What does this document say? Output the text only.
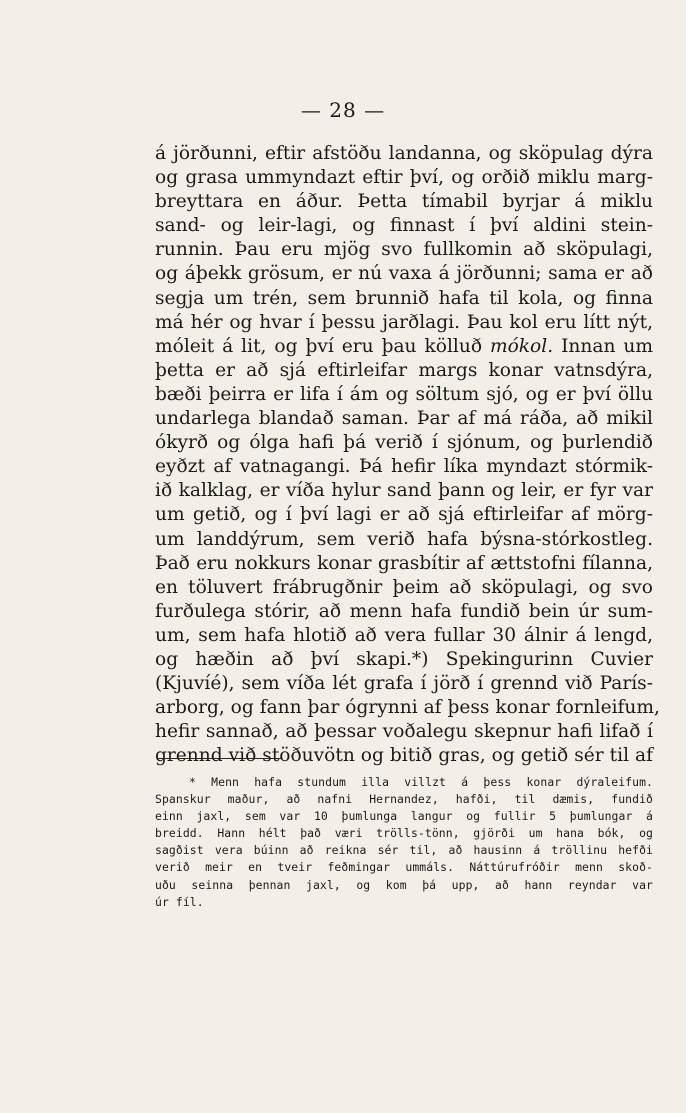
— 28 —
á jörðunni, eftir afstöðu landanna, og sköpulag dýra
og grasa ummyndazt eftir því, og orðið miklu marg-
breyttara en áður. Þetta tímabil byrjar á miklu
sand- og leir-lagi, og finnast í því aldini stein-
runnin. Þau eru mjög svo fullkomin að sköpulagi,
og áþekk grösum, er nú vaxa á jörðunni; sama er að
segja um trén, sem brunnið hafa til kola, og finna
má hér og hvar í þessu jarðlagi. Þau kol eru lítt nýt,
móleit á lit, og því eru þau kölluð mókol. Innan um
þetta er að sjá eftirleifar margs konar vatnsdýra,
bæði þeirra er lifa í ám og söltum sjó, og er því öllu
undarlega blandað saman. Þar af má ráða, að mikil
ókyrð og ólga hafi þá verið í sjónum, og þurlendið
eyðzt af vatnagangi. Þá hefir líka myndazt stórmik-
ið kalklag, er víða hylur sand þann og leir, er fyr var
um getið, og í því lagi er að sjá eftirleifar af mörg-
um landdýrum, sem verið hafa býsna-stórkostleg.
Það eru nokkurs konar grasbítir af ættstofni fílanna,
en töluvert frábrugðnir þeim að sköpulagi, og svo
furðulega stórir, að menn hafa fundið bein úr sum-
um, sem hafa hlotið að vera fullar 30 álnir á lengd,
og hæðin að því skapi.*) Spekingurinn Cuvier
(Kjuvíé), sem víða lét grafa í jörð í grennd við París-
arborg, og fann þar ógrynni af þess konar fornleifum,
hefir sannað, að þessar voðalegu skepnur hafi lifað í
grennd við stöðuvötn og bitið gras, og getið sér til af
* Menn hafa stundum illa villzt á þess konar dýraleifum.
Spanskur maður, að nafni Hernandez, hafði, til dæmis, fundið
einn jaxl, sem var 10 þumlunga langur og fullir 5 þumlungar á
breidd. Hann hélt það væri trölls-tönn, gjörði um hana bók, og
sagðist vera búinn að reikna sér til, að hausinn á tröllinu hefði
verið meir en tveir feðmingar ummáls. Náttúrufróðir menn skoð-
uðu seinna þennan jaxl, og kom þá upp, að hann reyndar var
úr fíl.
